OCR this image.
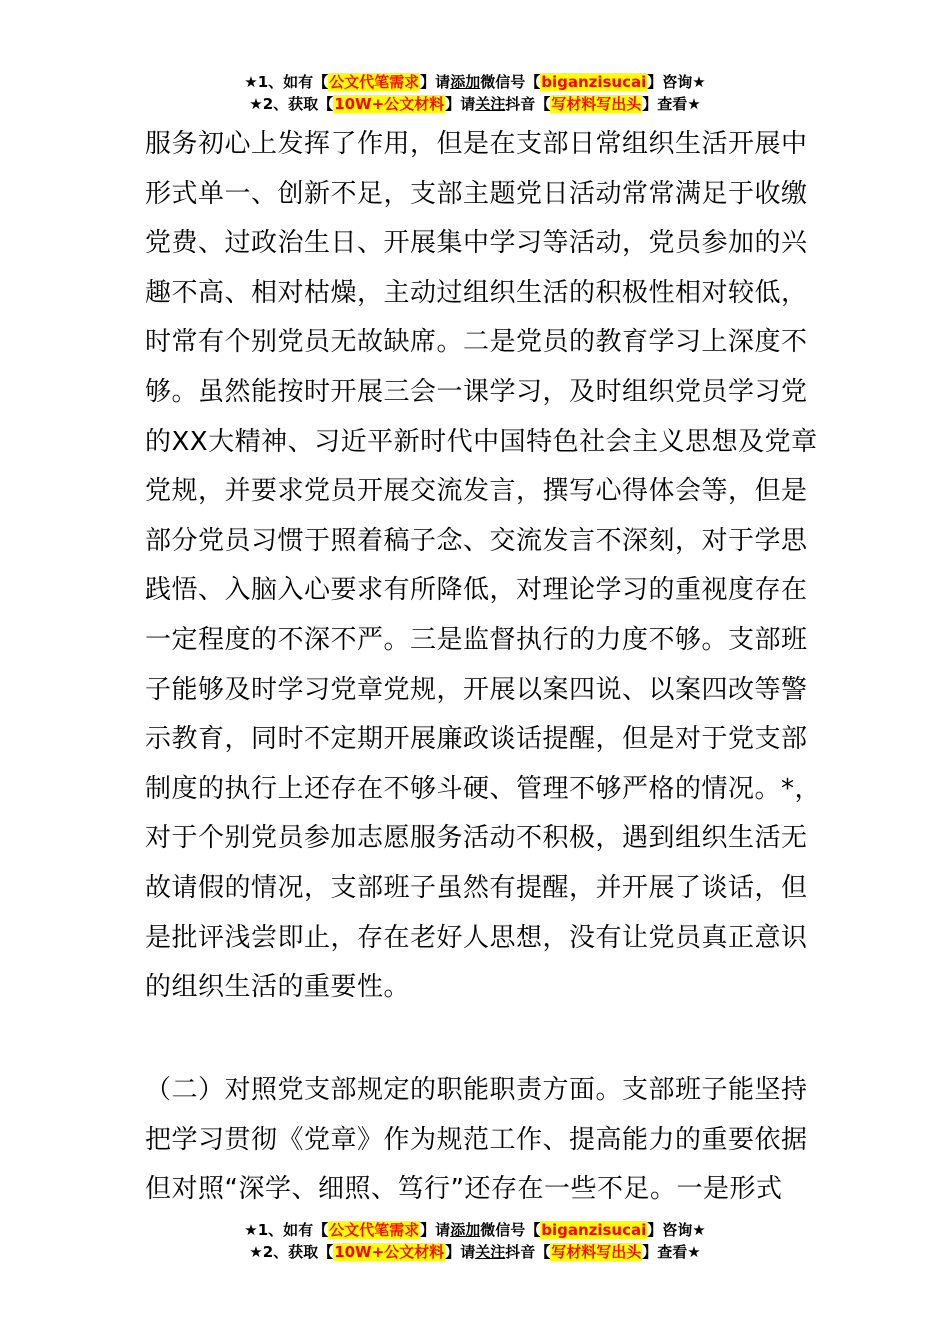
★1、如有【公文代笔需求】请添加微信号【biganzisucai】咨询★
★2、获取【10W+公文材料】请关注抖音【写材料写出头】查看★
服务初心上发挥了作用，但是在支部日常组织生活开展中
形式单一、创新不足，支部主题党日活动常常满足于收缴
党费、过政治生日、开展集中学习等活动，党员参加的兴
趣不高、相对枯燥，主动过组织生活的积极性相对较低，
时常有个别党员无故缺席。二是党员的教育学习上深度不
够。虽然能按时开展三会一课学习，及时组织党员学习党
的XX大精神、习近平新时代中国特色社会主义思想及党章
党规，并要求党员开展交流发言，撰写心得体会等，但是
部分党员习惯于照着稿子念、交流发言不深刻，对于学思
践悟、入脑入心要求有所降低，对理论学习的重视度存在
一定程度的不深不严。三是监督执行的力度不够。支部班
子能够及时学习党章党规，开展以案四说、以案四改等警
示教育，同时不定期开展廉政谈话提醒，但是对于党支部
制度的执行上还存在不够斗硬、管理不够严格的情况。*，
对于个别党员参加志愿服务活动不积极，遇到组织生活无
故请假的情况，支部班子虽然有提醒，并开展了谈话，但
是批评浅尝即止，存在老好人思想，没有让党员真正意识
的组织生活的重要性。
（二）对照党支部规定的职能职责方面。支部班子能坚持
把学习贯彻《党章》作为规范工作、提高能力的重要依据
但对照“深学、细照、笃行”还存在一些不足。一是形式
★1、如有【公文代笔需求】请添加微信号【biganzisucai】咨询★
★2、获取【10W+公文材料】请关注抖音【写材料写出头】查看★
